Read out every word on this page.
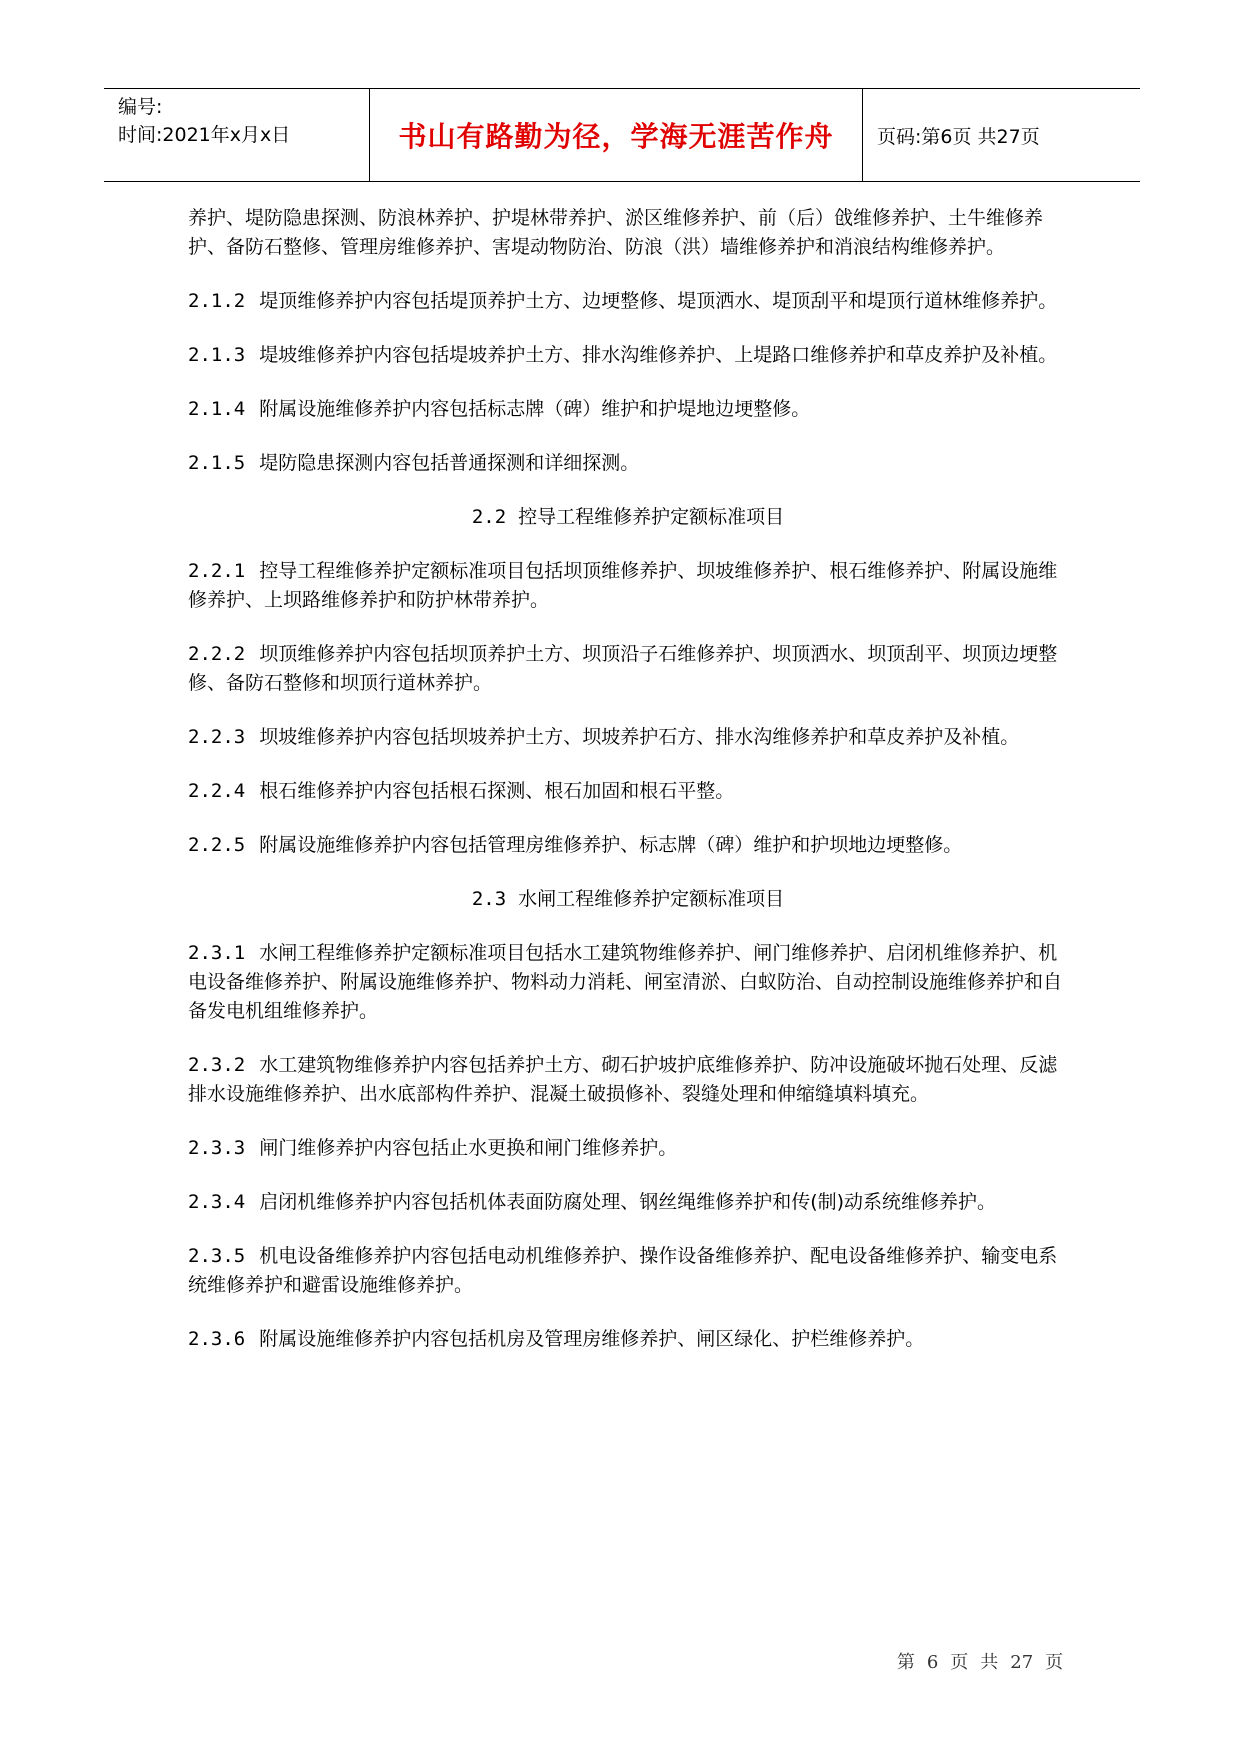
编号:
时间:2021年x月x日	书山有路勤为径，学海无涯苦作舟	页码:第6页 共27页

养护、堤防隐患探测、防浪林养护、护堤林带养护、淤区维修养护、前（后）戗维修养护、土牛维修养护、备防石整修、管理房维修养护、害堤动物防治、防浪（洪）墙维修养护和消浪结构维修养护。

2.1.2 堤顶维修养护内容包括堤顶养护土方、边埂整修、堤顶洒水、堤顶刮平和堤顶行道林维修养护。

2.1.3 堤坡维修养护内容包括堤坡养护土方、排水沟维修养护、上堤路口维修养护和草皮养护及补植。

2.1.4 附属设施维修养护内容包括标志牌（碑）维护和护堤地边埂整修。

2.1.5 堤防隐患探测内容包括普通探测和详细探测。

2.2 控导工程维修养护定额标准项目

2.2.1 控导工程维修养护定额标准项目包括坝顶维修养护、坝坡维修养护、根石维修养护、附属设施维修养护、上坝路维修养护和防护林带养护。

2.2.2 坝顶维修养护内容包括坝顶养护土方、坝顶沿子石维修养护、坝顶洒水、坝顶刮平、坝顶边埂整修、备防石整修和坝顶行道林养护。

2.2.3 坝坡维修养护内容包括坝坡养护土方、坝坡养护石方、排水沟维修养护和草皮养护及补植。

2.2.4 根石维修养护内容包括根石探测、根石加固和根石平整。

2.2.5 附属设施维修养护内容包括管理房维修养护、标志牌（碑）维护和护坝地边埂整修。

2.3 水闸工程维修养护定额标准项目

2.3.1 水闸工程维修养护定额标准项目包括水工建筑物维修养护、闸门维修养护、启闭机维修养护、机电设备维修养护、附属设施维修养护、物料动力消耗、闸室清淤、白蚁防治、自动控制设施维修养护和自备发电机组维修养护。

2.3.2 水工建筑物维修养护内容包括养护土方、砌石护坡护底维修养护、防冲设施破坏抛石处理、反滤排水设施维修养护、出水底部构件养护、混凝土破损修补、裂缝处理和伸缩缝填料填充。

2.3.3 闸门维修养护内容包括止水更换和闸门维修养护。

2.3.4 启闭机维修养护内容包括机体表面防腐处理、钢丝绳维修养护和传(制)动系统维修养护。

2.3.5 机电设备维修养护内容包括电动机维修养护、操作设备维修养护、配电设备维修养护、输变电系统维修养护和避雷设施维修养护。

2.3.6 附属设施维修养护内容包括机房及管理房维修养护、闸区绿化、护栏维修养护。

第 6 页 共 27 页
